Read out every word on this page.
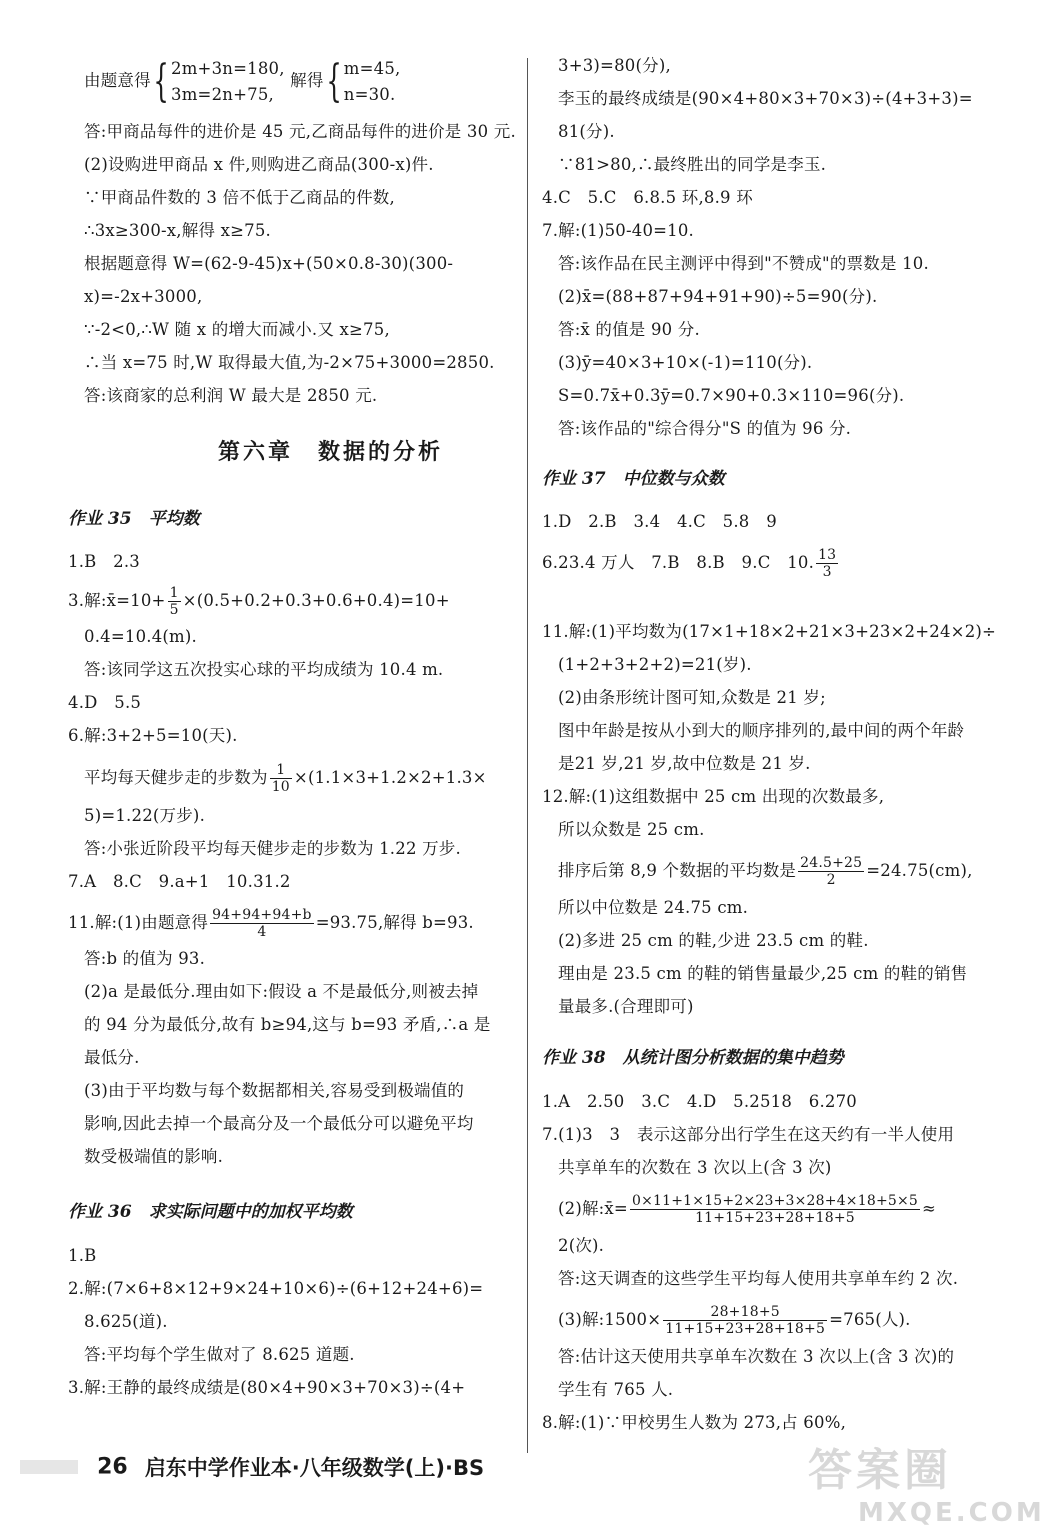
由题意得{ 2m+3n=180,
3m=2n+75,
解得{ m=45,
n=30.
答:甲商品每件的进价是 45 元,乙商品每件的进价是 30 元.
(2)设购进甲商品 x 件,则购进乙商品(300-x)件.
∵甲商品件数的 3 倍不低于乙商品的件数,
∴3x≥300-x,解得 x≥75.
根据题意得 W=(62-9-45)x+(50×0.8-30)(300-
x)=-2x+3000,
∵-2<0,∴W 随 x 的增大而减小.又 x≥75,
∴当 x=75 时,W 取得最大值,为-2×75+3000=2850.
答:该商家的总利润 W 最大是 2850 元.
第六章　数据的分析
作业 35　平均数
1.B　2.3
3.解:x̄=10+ $\frac{1}{5} \times(0.5+0.2+0.3+0.6+0.4)=10+$
0.4=10.4(m).
答:该同学这五次投实心球的平均成绩为 10.4 m.
4.D　5.5
6.解:3+2+5=10(天).
平均每天健步走的步数为 $\frac{1}{10} \times(1.1\times 3+1.2\times 2+1.3\times$
5)=1.22(万步).
答:小张近阶段平均每天健步走的步数为 1.22 万步.
7.A　8.C　9.a+1　10.31.2
11.解:(1)由题意得 $\frac{94+94+94+b}{4} =93.75$,解得 b=93.
答:b 的值为 93.
(2)a 是最低分.理由如下:假设 a 不是最低分,则被去掉
的 94 分为最低分,故有 b≥94,这与 b=93 矛盾,∴a 是
最低分.
(3)由于平均数与每个数据都相关,容易受到极端值的
影响,因此去掉一个最高分及一个最低分可以避免平均
数受极端值的影响.
作业 36　求实际问题中的加权平均数
1.B
2.解:(7×6+8×12+9×24+10×6)÷(6+12+24+6)=
8.625(道).
答:平均每个学生做对了 8.625 道题.
3.解:王静的最终成绩是(80×4+90×3+70×3)÷(4+
3+3)=80(分),
李玉的最终成绩是(90×4+80×3+70×3)÷(4+3+3)=
81(分).
∵81>80,∴最终胜出的同学是李玉.
4.C　5.C　6.8.5 环,8.9 环
7.解:(1)50-40=10.
答:该作品在民主测评中得到"不赞成"的票数是 10.
(2)x̄=(88+87+94+91+90)÷5=90(分).
答:x̄ 的值是 90 分.
(3)ȳ=40×3+10×(-1)=110(分).
S=0.7x̄+0.3ȳ=0.7×90+0.3×110=96(分).
答:该作品的"综合得分"S 的值为 96 分.
作业 37　中位数与众数
1.D　2.B　3.4　4.C　5.8　9
6.23.4 万人　7.B　8.B　9.C　10. $\frac{13}{3}$
11.解:(1)平均数为(17×1+18×2+21×3+23×2+24×2)÷
(1+2+3+2+2)=21(岁).
(2)由条形统计图可知,众数是 21 岁;
图中年龄是按从小到大的顺序排列的,最中间的两个年龄
是21 岁,21 岁,故中位数是 21 岁.
12.解:(1)这组数据中 25 cm 出现的次数最多,
所以众数是 25 cm.
排序后第 8,9 个数据的平均数是 $\frac{24.5+25}{2} =24.75(cm)$,
所以中位数是 24.75 cm.
(2)多进 25 cm 的鞋,少进 23.5 cm 的鞋.
理由是 23.5 cm 的鞋的销售量最少,25 cm 的鞋的销售
量最多.(合理即可)
作业 38　从统计图分析数据的集中趋势
1.A　2.50　3.C　4.D　5.2518　6.270
7.(1)3　3　表示这部分出行学生在这天约有一半人使用
共享单车的次数在 3 次以上(含 3 次)
(2)解:x̄= $\frac{0\times 11+1\times 15+2\times 23+3\times 28+4\times 18+5\times 5}{11+15+23+28+18+5}$ ≈
2(次).
答:这天调查的这些学生平均每人使用共享单车约 2 次.
(3)解:1500× $\frac{28+18+5}{11+15+23+28+18+5} =765$(人).
答:估计这天使用共享单车次数在 3 次以上(含 3 次)的
学生有 765 人.
8.解:(1)∵甲校男生人数为 273,占 60%,
26 启东中学作业本·八年级数学(上)·BS	答案圈
MXQE.COM
